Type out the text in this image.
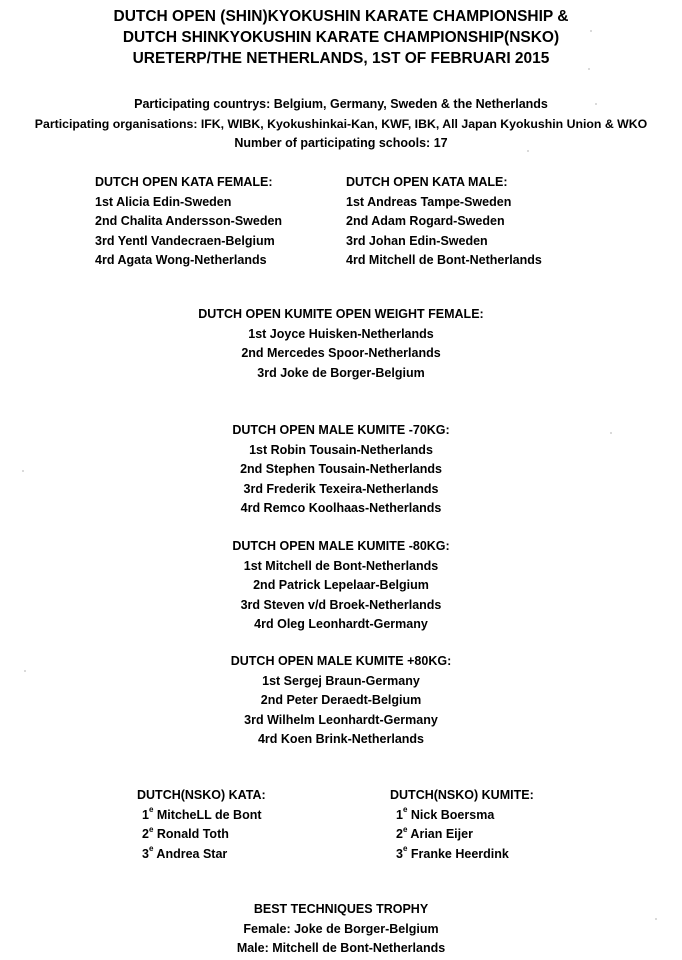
DUTCH OPEN (SHIN)KYOKUSHIN KARATE CHAMPIONSHIP &
DUTCH SHINKYOKUSHIN KARATE CHAMPIONSHIP(NSKO)
URETERP/THE NETHERLANDS, 1ST OF FEBRUARI 2015
Participating countrys: Belgium, Germany, Sweden & the Netherlands
Participating organisations: IFK, WIBK, Kyokushinkai-Kan, KWF, IBK, All Japan Kyokushin Union & WKO
Number of participating schools: 17
DUTCH OPEN KATA FEMALE:
1st Alicia Edin-Sweden
2nd Chalita Andersson-Sweden
3rd Yentl Vandecraen-Belgium
4rd Agata Wong-Netherlands
DUTCH OPEN KATA MALE:
1st Andreas Tampe-Sweden
2nd Adam Rogard-Sweden
3rd Johan Edin-Sweden
4rd Mitchell de Bont-Netherlands
DUTCH OPEN KUMITE OPEN WEIGHT FEMALE:
1st Joyce Huisken-Netherlands
2nd Mercedes Spoor-Netherlands
3rd Joke de Borger-Belgium
DUTCH OPEN MALE KUMITE -70KG:
1st Robin Tousain-Netherlands
2nd Stephen Tousain-Netherlands
3rd Frederik Texeira-Netherlands
4rd Remco Koolhaas-Netherlands
DUTCH OPEN MALE KUMITE -80KG:
1st Mitchell de Bont-Netherlands
2nd Patrick Lepelaar-Belgium
3rd Steven v/d Broek-Netherlands
4rd Oleg Leonhardt-Germany
DUTCH OPEN MALE KUMITE +80KG:
1st Sergej Braun-Germany
2nd Peter Deraedt-Belgium
3rd Wilhelm Leonhardt-Germany
4rd Koen Brink-Netherlands
DUTCH(NSKO) KATA:
1e MitcheLL de Bont
2e Ronald Toth
3e Andrea Star
DUTCH(NSKO) KUMITE:
1e Nick Boersma
2e Arian Eijer
3e Franke Heerdink
BEST TECHNIQUES TROPHY
Female: Joke de Borger-Belgium
Male: Mitchell de Bont-Netherlands
